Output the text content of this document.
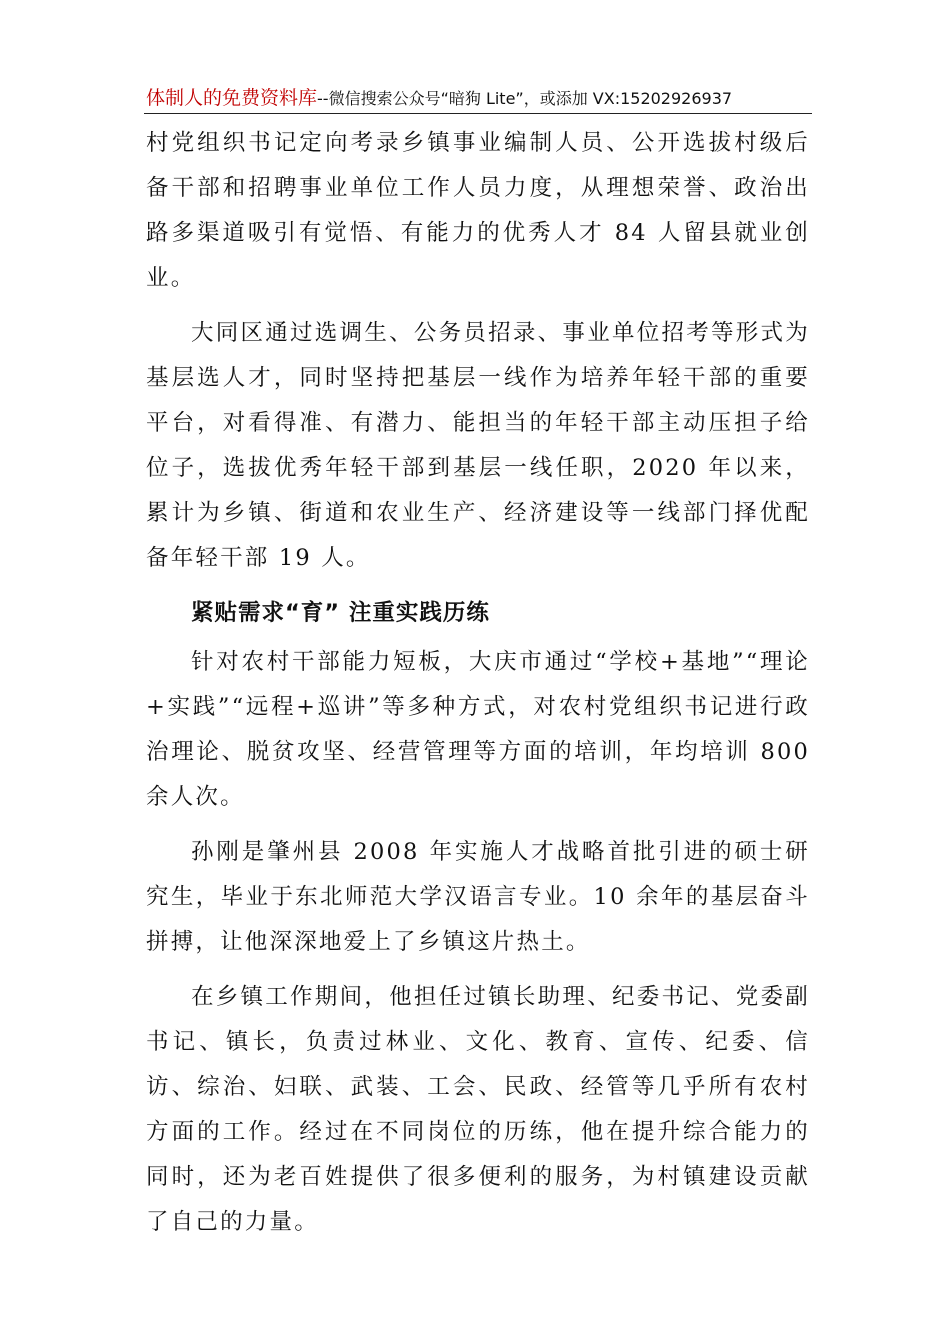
体制人的免费资料库--微信搜索公众号“暗狗 Lite”，或添加 VX:15202926937

村党组织书记定向考录乡镇事业编制人员、公开选拔村级后备干部和招聘事业单位工作人员力度，从理想荣誉、政治出路多渠道吸引有觉悟、有能力的优秀人才 84 人留县就业创业。

大同区通过选调生、公务员招录、事业单位招考等形式为基层选人才，同时坚持把基层一线作为培养年轻干部的重要平台，对看得准、有潜力、能担当的年轻干部主动压担子给位子，选拔优秀年轻干部到基层一线任职，2020 年以来，累计为乡镇、街道和农业生产、经济建设等一线部门择优配备年轻干部 19 人。

紧贴需求“育” 注重实践历练

针对农村干部能力短板，大庆市通过“学校+基地”“理论+实践”“远程+巡讲”等多种方式，对农村党组织书记进行政治理论、脱贫攻坚、经营管理等方面的培训，年均培训 800 余人次。

孙刚是肇州县 2008 年实施人才战略首批引进的硕士研究生，毕业于东北师范大学汉语言专业。10 余年的基层奋斗拼搏，让他深深地爱上了乡镇这片热土。

在乡镇工作期间，他担任过镇长助理、纪委书记、党委副书记、镇长，负责过林业、文化、教育、宣传、纪委、信访、综治、妇联、武装、工会、民政、经管等几乎所有农村方面的工作。经过在不同岗位的历练，他在提升综合能力的同时，还为老百姓提供了很多便利的服务，为村镇建设贡献了自己的力量。
